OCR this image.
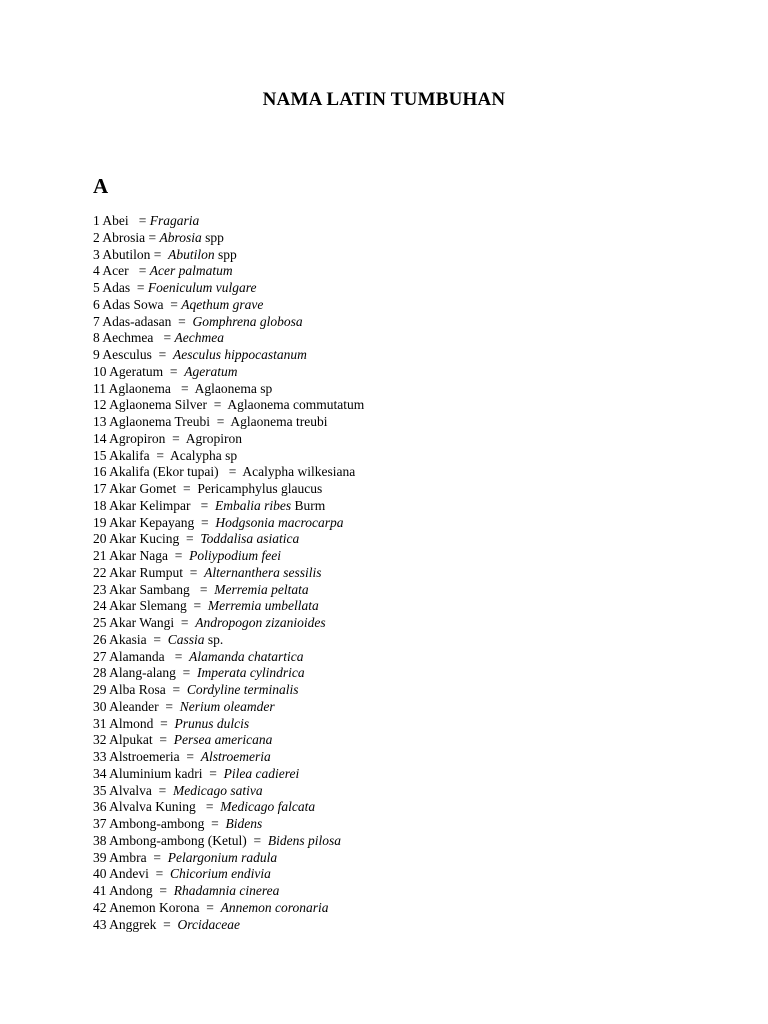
NAMA LATIN TUMBUHAN
A
1 Abei   = Fragaria
2 Abrosia = Abrosia spp
3 Abutilon =  Abutilon spp
4 Acer   = Acer palmatum
5 Adas  = Foeniculum vulgare
6 Adas Sowa  = Aqethum grave
7 Adas-adasan  =  Gomphrena globosa
8 Aechmea   = Aechmea
9 Aesculus  =  Aesculus hippocastanum
10 Ageratum  =  Ageratum
11 Aglaonema   =  Aglaonema sp
12 Aglaonema Silver  =  Aglaonema commutatum
13 Aglaonema Treubi  =  Aglaonema treubi
14 Agropiron  =  Agropiron
15 Akalifa  =  Acalypha sp
16 Akalifa (Ekor tupai)   =  Acalypha wilkesiana
17 Akar Gomet  =  Pericamphylus glaucus
18 Akar Kelimpar   =  Embalia ribes Burm
19 Akar Kepayang  =  Hodgsonia macrocarpa
20 Akar Kucing  =  Toddalisa asiatica
21 Akar Naga  =  Poliypodium feei
22 Akar Rumput  =  Alternanthera sessilis
23 Akar Sambang   =  Merremia peltata
24 Akar Slemang  =  Merremia umbellata
25 Akar Wangi  =  Andropogon zizanioides
26 Akasia  =  Cassia sp.
27 Alamanda   =  Alamanda chatartica
28 Alang-alang  =  Imperata cylindrica
29 Alba Rosa  =  Cordyline terminalis
30 Aleander  =  Nerium oleamder
31 Almond  =  Prunus dulcis
32 Alpukat  =  Persea americana
33 Alstroemeria  =  Alstroemeria
34 Aluminium kadri  =  Pilea cadierei
35 Alvalva  =  Medicago sativa
36 Alvalva Kuning   =  Medicago falcata
37 Ambong-ambong  =  Bidens
38 Ambong-ambong (Ketul)  =  Bidens pilosa
39 Ambra  =  Pelargonium radula
40 Andevi  =  Chicorium endivia
41 Andong  =  Rhadamnia cinerea
42 Anemon Korona  =  Annemon coronaria
43 Anggrek  =  Orcidaceae
